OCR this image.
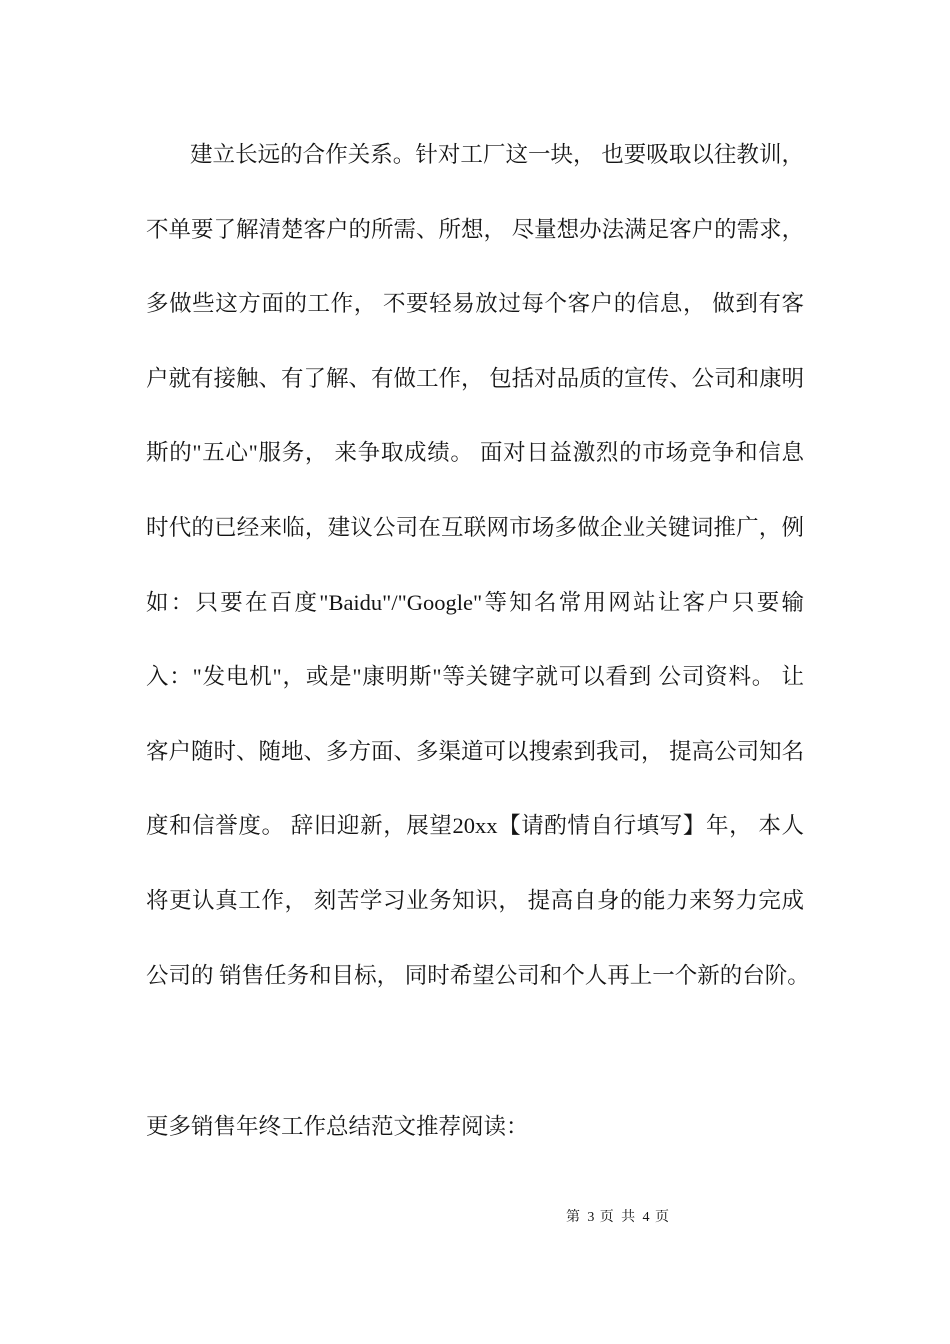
建立长远的合作关系。针对工厂这一块， 也要吸取以往教训，
不单要了解清楚客户的所需、所想， 尽量想办法满足客户的需求，
多做些这方面的工作， 不要轻易放过每个客户的信息， 做到有客
户就有接触、有了解、有做工作， 包括对品质的宣传、公司和康明
斯的"五心"服务， 来争取成绩。 面对日益激烈的市场竞争和信息
时代的已经来临，建议公司在互联网市场多做企业关键词推广，例
如：只要在百度"Baidu"/"Google"等知名常用网站让客户只要输
入："发电机"，或是"康明斯"等关键字就可以看到 公司资料。 让
客户随时、随地、多方面、多渠道可以搜索到我司， 提高公司知名
度和信誉度。 辞旧迎新，展望20xx【请酌情自行填写】年， 本人
将更认真工作， 刻苦学习业务知识， 提高自身的能力来努力完成
公司的 销售任务和目标， 同时希望公司和个人再上一个新的台阶。
更多销售年终工作总结范文推荐阅读：
第 3 页 共 4 页
